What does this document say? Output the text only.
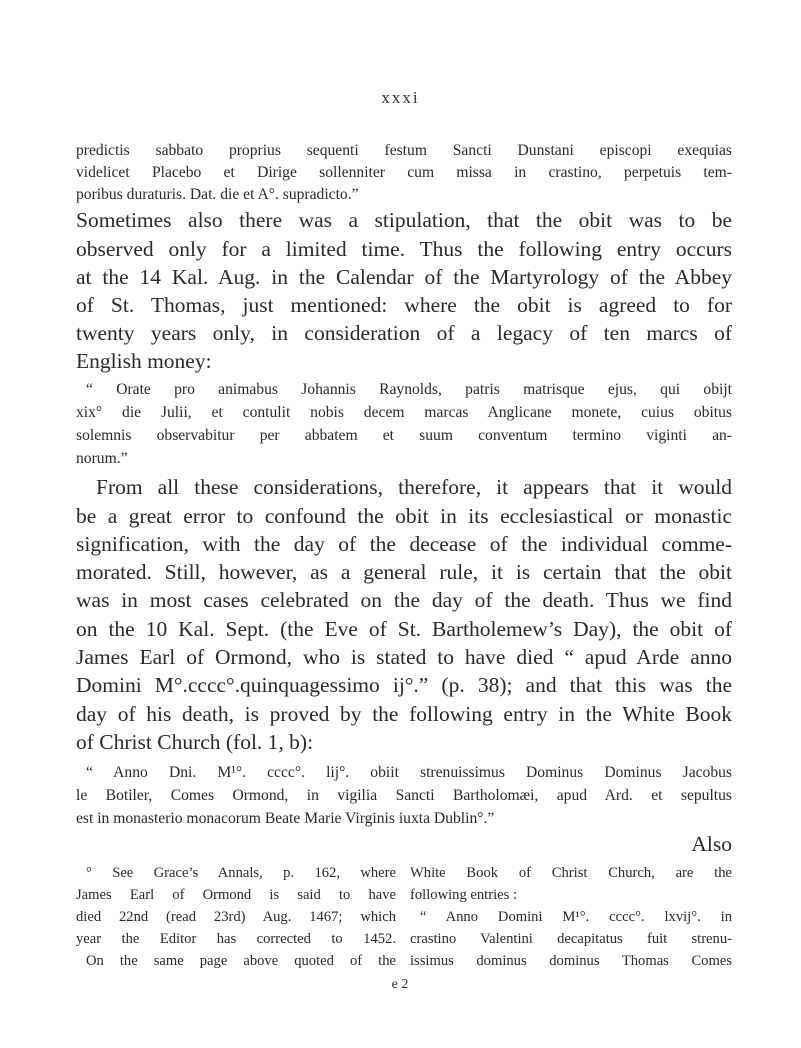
xxxi
predictis sabbato proprius sequenti festum Sancti Dunstani episcopi exequias
videlicet Placebo et Dirige sollenniter cum missa in crastino, perpetuis tem-
poribus duraturis. Dat. die et A°. supradicto.”
Sometimes also there was a stipulation, that the obit was to be
observed only for a limited time. Thus the following entry occurs
at the 14 Kal. Aug. in the Calendar of the Martyrology of the Abbey
of St. Thomas, just mentioned: where the obit is agreed to for
twenty years only, in consideration of a legacy of ten marcs of
English money:
“ Orate pro animabus Johannis Raynolds, patris matrisque ejus, qui obijt
xix° die Julii, et contulit nobis decem marcas Anglicane monete, cuius obitus
solemnis observabitur per abbatem et suum conventum termino viginti an-
norum.”
From all these considerations, therefore, it appears that it would
be a great error to confound the obit in its ecclesiastical or monastic
signification, with the day of the decease of the individual comme-
morated. Still, however, as a general rule, it is certain that the obit
was in most cases celebrated on the day of the death. Thus we find
on the 10 Kal. Sept. (the Eve of St. Bartholemew’s Day), the obit of
James Earl of Ormond, who is stated to have died “ apud Arde anno
Domini M°.cccc°.quinquagessimo ij°.” (p. 38); and that this was the
day of his death, is proved by the following entry in the White Book
of Christ Church (fol. 1, b):
“ Anno Dni. M¹°. cccc°. lij°. obiit strenuissimus Dominus Dominus Jacobus
le Botiler, Comes Ormond, in vigilia Sancti Bartholomæi, apud Ard. et sepultus
est in monasterio monacorum Beate Marie Virginis iuxta Dublin°.”
Also
° See Grace’s Annals, p. 162, where
James Earl of Ormond is said to have
died 22nd (read 23rd) Aug. 1467; which
year the Editor has corrected to 1452.
On the same page above quoted of the
White Book of Christ Church, are the
following entries :
“ Anno Domini M¹°. cccc°. lxvij°. in
crastino Valentini decapitatus fuit strenu-
issimus dominus dominus Thomas Comes
e 2
